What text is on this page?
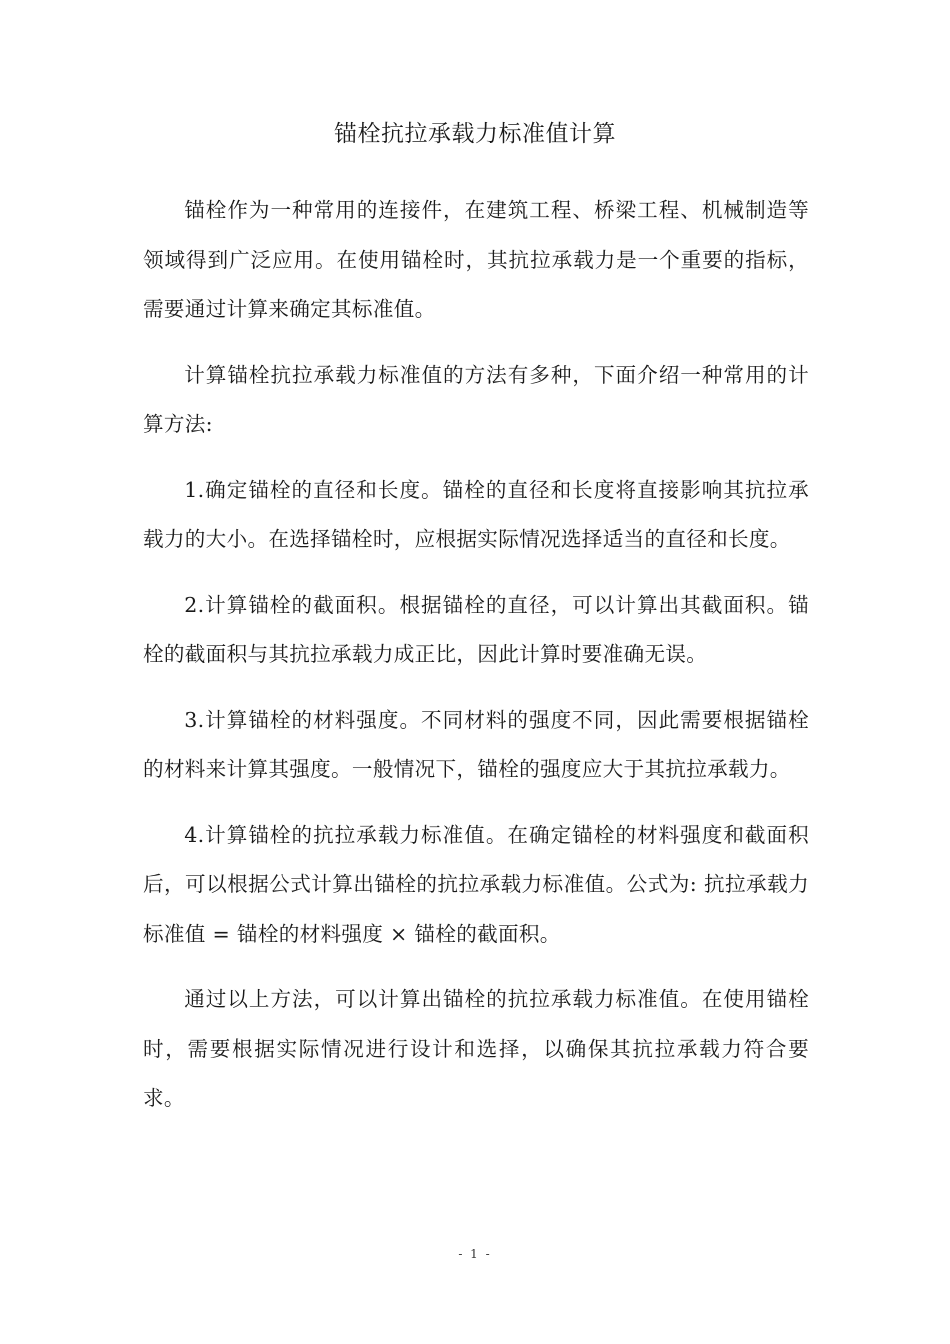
锚栓抗拉承载力标准值计算

锚栓作为一种常用的连接件，在建筑工程、桥梁工程、机械制造等领域得到广泛应用。在使用锚栓时，其抗拉承载力是一个重要的指标，需要通过计算来确定其标准值。

计算锚栓抗拉承载力标准值的方法有多种，下面介绍一种常用的计算方法:

1.确定锚栓的直径和长度。锚栓的直径和长度将直接影响其抗拉承载力的大小。在选择锚栓时，应根据实际情况选择适当的直径和长度。

2.计算锚栓的截面积。根据锚栓的直径，可以计算出其截面积。锚栓的截面积与其抗拉承载力成正比，因此计算时要准确无误。

3.计算锚栓的材料强度。不同材料的强度不同，因此需要根据锚栓的材料来计算其强度。一般情况下，锚栓的强度应大于其抗拉承载力。

4.计算锚栓的抗拉承载力标准值。在确定锚栓的材料强度和截面积后，可以根据公式计算出锚栓的抗拉承载力标准值。公式为: 抗拉承载力标准值 = 锚栓的材料强度 × 锚栓的截面积。

通过以上方法，可以计算出锚栓的抗拉承载力标准值。在使用锚栓时，需要根据实际情况进行设计和选择，以确保其抗拉承载力符合要求。

- 1 -
